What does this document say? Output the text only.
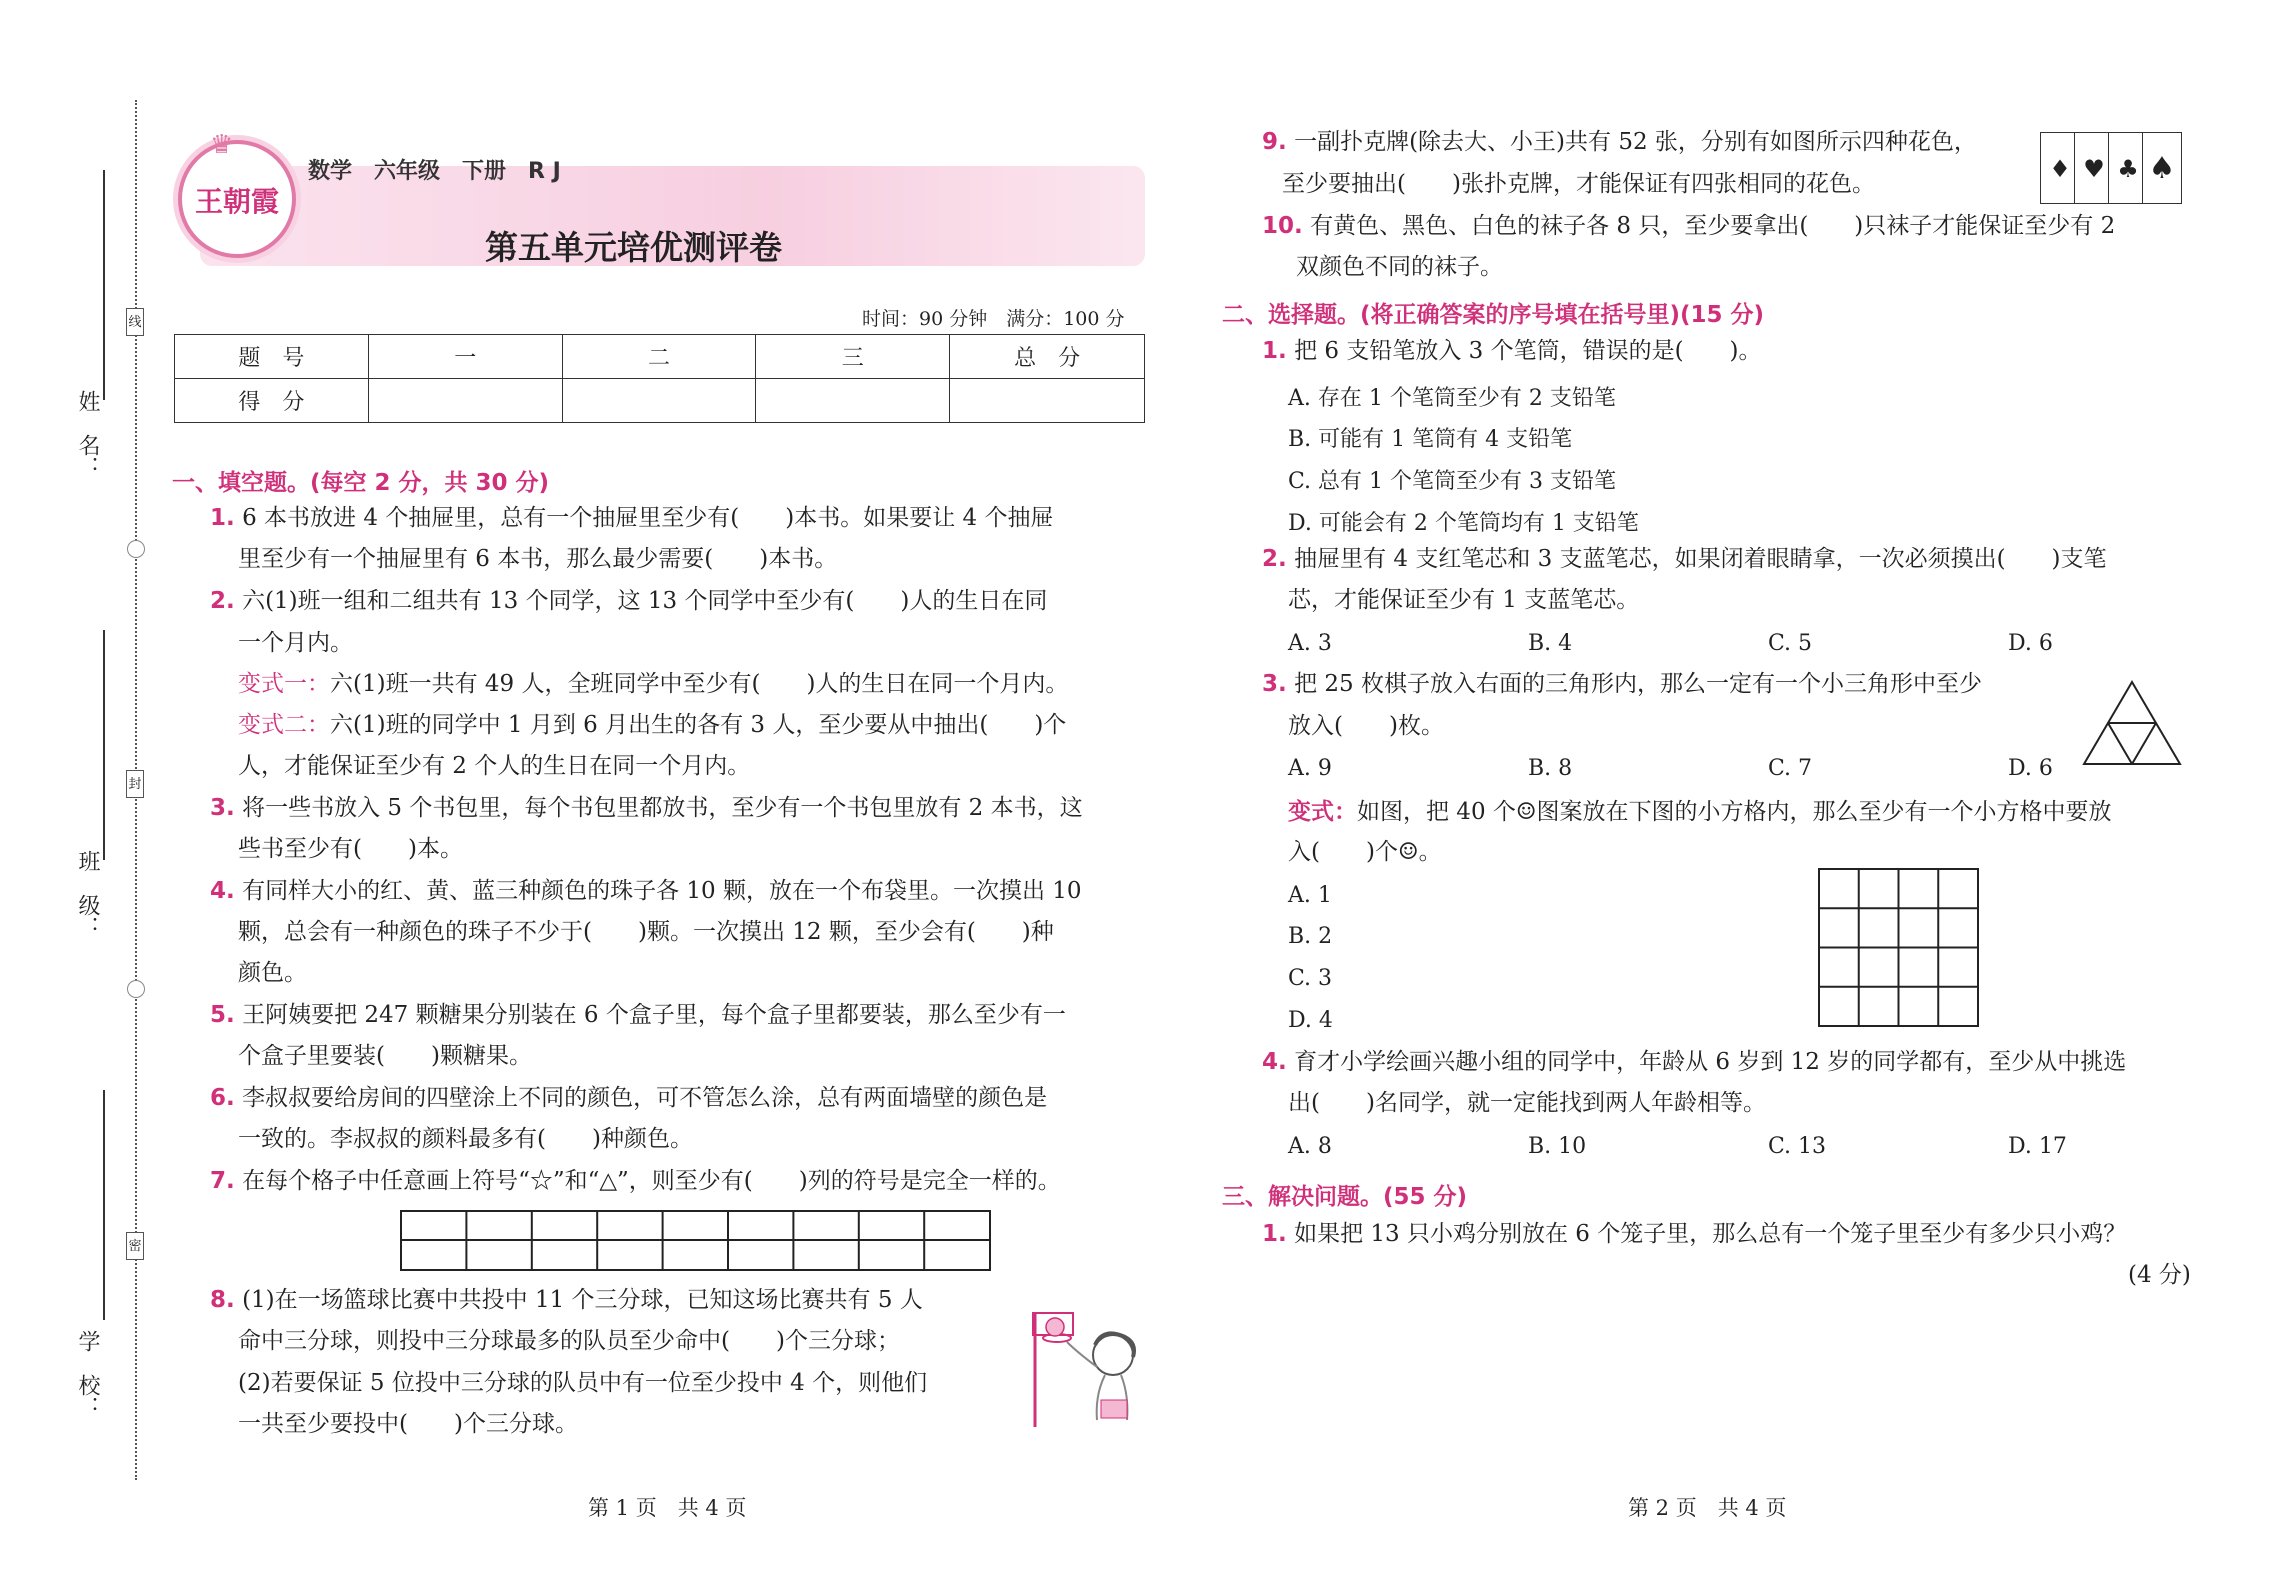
姓　名：
班　级：
学　校：
线
封
密
王朝霞
♛
数学　六年级　下册　R J
第五单元培优测评卷
时间：90 分钟　满分：100 分
题　号	一	二	三	总　分
得　分				
一、填空题。(每空 2 分，共 30 分)
1. 6 本书放进 4 个抽屉里，总有一个抽屉里至少有(　　)本书。如果要让 4 个抽屉
里至少有一个抽屉里有 6 本书，那么最少需要(　　)本书。
2. 六(1)班一组和二组共有 13 个同学，这 13 个同学中至少有(　　)人的生日在同
一个月内。
变式一：六(1)班一共有 49 人，全班同学中至少有(　　)人的生日在同一个月内。
变式二：六(1)班的同学中 1 月到 6 月出生的各有 3 人，至少要从中抽出(　　)个
人，才能保证至少有 2 个人的生日在同一个月内。
3. 将一些书放入 5 个书包里，每个书包里都放书，至少有一个书包里放有 2 本书，这
些书至少有(　　)本。
4. 有同样大小的红、黄、蓝三种颜色的珠子各 10 颗，放在一个布袋里。一次摸出 10
颗，总会有一种颜色的珠子不少于(　　)颗。一次摸出 12 颗，至少会有(　　)种
颜色。
5. 王阿姨要把 247 颗糖果分别装在 6 个盒子里，每个盒子里都要装，那么至少有一
个盒子里要装(　　)颗糖果。
6. 李叔叔要给房间的四壁涂上不同的颜色，可不管怎么涂，总有两面墙壁的颜色是
一致的。李叔叔的颜料最多有(　　)种颜色。
7. 在每个格子中任意画上符号“☆”和“△”，则至少有(　　)列的符号是完全一样的。
8. (1)在一场篮球比赛中共投中 11 个三分球，已知这场比赛共有 5 人
命中三分球，则投中三分球最多的队员至少命中(　　)个三分球；
(2)若要保证 5 位投中三分球的队员中有一位至少投中 4 个，则他们
一共至少要投中(　　)个三分球。
9. 一副扑克牌(除去大、小王)共有 52 张，分别有如图所示四种花色，
至少要抽出(　　)张扑克牌，才能保证有四张相同的花色。
♦ ♥ ♣ ♠
10. 有黄色、黑色、白色的袜子各 8 只，至少要拿出(　　)只袜子才能保证至少有 2
双颜色不同的袜子。
二、选择题。(将正确答案的序号填在括号里)(15 分)
1. 把 6 支铅笔放入 3 个笔筒，错误的是(　　)。
A. 存在 1 个笔筒至少有 2 支铅笔
B. 可能有 1 笔筒有 4 支铅笔
C. 总有 1 个笔筒至少有 3 支铅笔
D. 可能会有 2 个笔筒均有 1 支铅笔
2. 抽屉里有 4 支红笔芯和 3 支蓝笔芯，如果闭着眼睛拿，一次必须摸出(　　)支笔
芯，才能保证至少有 1 支蓝笔芯。
A. 3	B. 4	C. 5	D. 6
3. 把 25 枚棋子放入右面的三角形内，那么一定有一个小三角形中至少
放入(　　)枚。
A. 9	B. 8	C. 7	D. 6
变式：如图，把 40 个☺图案放在下图的小方格内，那么至少有一个小方格中要放
入(　　)个☺。
A. 1
B. 2
C. 3
D. 4
4. 育才小学绘画兴趣小组的同学中，年龄从 6 岁到 12 岁的同学都有，至少从中挑选
出(　　)名同学，就一定能找到两人年龄相等。
A. 8	B. 10	C. 13	D. 17
三、解决问题。(55 分)
1. 如果把 13 只小鸡分别放在 6 个笼子里，那么总有一个笼子里至少有多少只小鸡？
(4 分)
第 1 页　共 4 页	第 2 页　共 4 页
